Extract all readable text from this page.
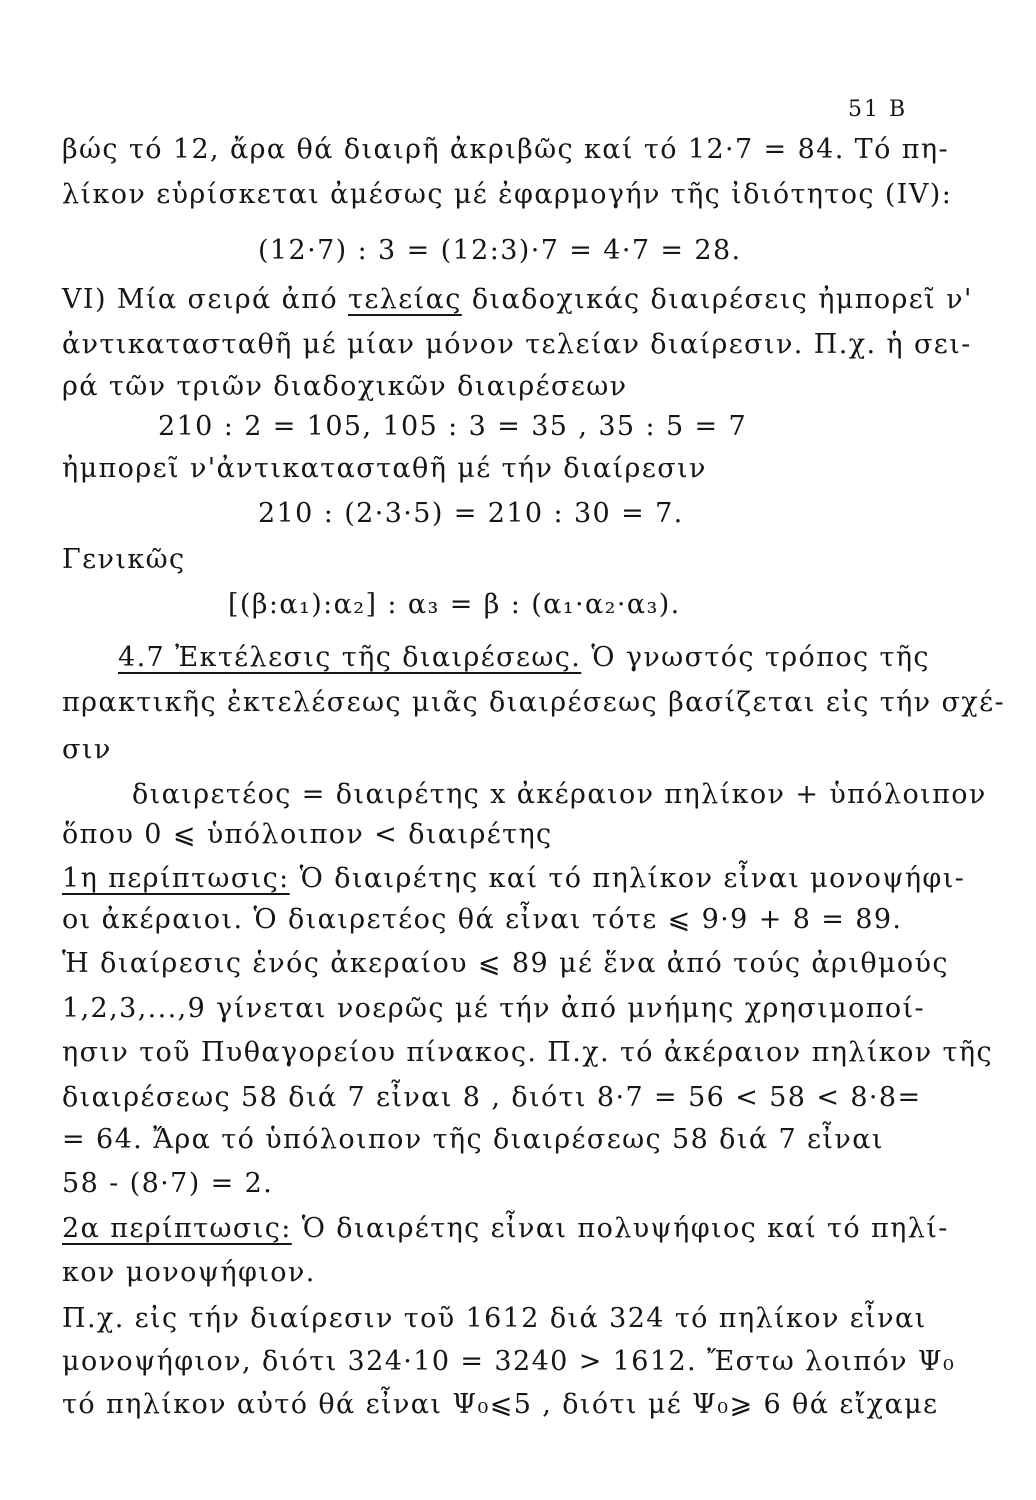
51 B
βώς τό 12, ἄρα θά διαιρῆ ἀκριβῶς καί τό 12·7 = 84. Τό πη-
λίκον εὑρίσκεται ἀμέσως μέ ἐφαρμογήν τῆς ἰδιότητος (IV):
(12·7) : 3 = (12:3)·7 = 4·7 = 28.
VI) Μία σειρά ἀπό τελείας διαδοχικάς διαιρέσεις ἠμπορεῖ ν'
ἀντικατασταθῆ μέ μίαν μόνον τελείαν διαίρεσιν. Π.χ. ἡ σει-
ρά τῶν τριῶν διαδοχικῶν διαιρέσεων
210 : 2 = 105, 105 : 3 = 35 , 35 : 5 = 7
ἠμπορεῖ ν'ἀντικατασταθῆ μέ τήν διαίρεσιν
210 : (2·3·5) = 210 : 30 = 7.
Γενικῶς
[(β:α₁):α₂] : α₃ = β : (α₁·α₂·α₃).
4.7 Ἐκτέλεσις τῆς διαιρέσεως. Ὁ γνωστός τρόπος τῆς
πρακτικῆς ἐκτελέσεως μιᾶς διαιρέσεως βασίζεται εἰς τήν σχέ-
σιν
διαιρετέος = διαιρέτης x ἀκέραιον πηλίκον + ὑπόλοιπον
ὅπου 0 ⩽ ὑπόλοιπον < διαιρέτης
1η περίπτωσις: Ὁ διαιρέτης καί τό πηλίκον εἶναι μονοψήφι-
οι ἀκέραιοι. Ὁ διαιρετέος θά εἶναι τότε ⩽ 9·9 + 8 = 89.
Ἡ διαίρεσις ἑνός ἀκεραίου ⩽ 89 μέ ἕνα ἀπό τούς ἀριθμούς
1,2,3,...,9 γίνεται νοερῶς μέ τήν ἀπό μνήμης χρησιμοποί-
ησιν τοῦ Πυθαγορείου πίνακος. Π.χ. τό ἀκέραιον πηλίκον τῆς
διαιρέσεως 58 διά 7 εἶναι 8 , διότι 8·7 = 56 < 58 < 8·8=
= 64. Ἄρα τό ὑπόλοιπον τῆς διαιρέσεως 58 διά 7 εἶναι
58 - (8·7) = 2.
2α περίπτωσις: Ὁ διαιρέτης εἶναι πολυψήφιος καί τό πηλί-
κον μονοψήφιον.
Π.χ. εἰς τήν διαίρεσιν τοῦ 1612 διά 324 τό πηλίκον εἶναι
μονοψήφιον, διότι 324·10 = 3240 > 1612. Ἔστω λοιπόν Ψ₀
τό πηλίκον αὐτό θά εἶναι Ψ₀⩽5 , διότι μέ Ψ₀⩾ 6 θά εἴχαμε
